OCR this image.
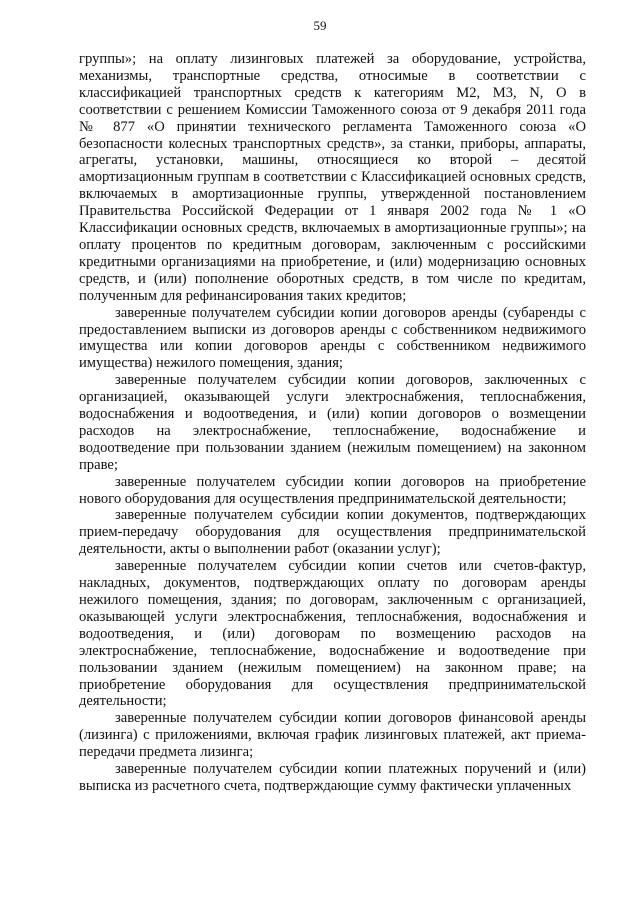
59

группы»; на оплату лизинговых платежей за оборудование, устройства, механизмы, транспортные средства, относимые в соответствии с классификацией транспортных средств к категориям М2, М3, N, О в соответствии с решением Комиссии Таможенного союза от 9 декабря 2011 года № 877 «О принятии технического регламента Таможенного союза «О безопасности колесных транспортных средств», за станки, приборы, аппараты, агрегаты, установки, машины, относящиеся ко второй – десятой амортизационным группам в соответствии с Классификацией основных средств, включаемых в амортизационные группы, утвержденной постановлением Правительства Российской Федерации от 1 января 2002 года № 1 «О Классификации основных средств, включаемых в амортизационные группы»; на оплату процентов по кредитным договорам, заключенным с российскими кредитными организациями на приобретение, и (или) модернизацию основных средств, и (или) пополнение оборотных средств, в том числе по кредитам, полученным для рефинансирования таких кредитов;

заверенные получателем субсидии копии договоров аренды (субаренды с предоставлением выписки из договоров аренды с собственником недвижимого имущества или копии договоров аренды с собственником недвижимого имущества) нежилого помещения, здания;

заверенные получателем субсидии копии договоров, заключенных с организацией, оказывающей услуги электроснабжения, теплоснабжения, водоснабжения и водоотведения, и (или) копии договоров о возмещении расходов на электроснабжение, теплоснабжение, водоснабжение и водоотведение при пользовании зданием (нежилым помещением) на законном праве;

заверенные получателем субсидии копии договоров на приобретение нового оборудования для осуществления предпринимательской деятельности;

заверенные получателем субсидии копии документов, подтверждающих прием-передачу оборудования для осуществления предпринимательской деятельности, акты о выполнении работ (оказании услуг);

заверенные получателем субсидии копии счетов или счетов-фактур, накладных, документов, подтверждающих оплату по договорам аренды нежилого помещения, здания; по договорам, заключенным с организацией, оказывающей услуги электроснабжения, теплоснабжения, водоснабжения и водоотведения, и (или) договорам по возмещению расходов на электроснабжение, теплоснабжение, водоснабжение и водоотведение при пользовании зданием (нежилым помещением) на законном праве; на приобретение оборудования для осуществления предпринимательской деятельности;

заверенные получателем субсидии копии договоров финансовой аренды (лизинга) с приложениями, включая график лизинговых платежей, акт приема-передачи предмета лизинга;

заверенные получателем субсидии копии платежных поручений и (или) выписка из расчетного счета, подтверждающие сумму фактически уплаченных
